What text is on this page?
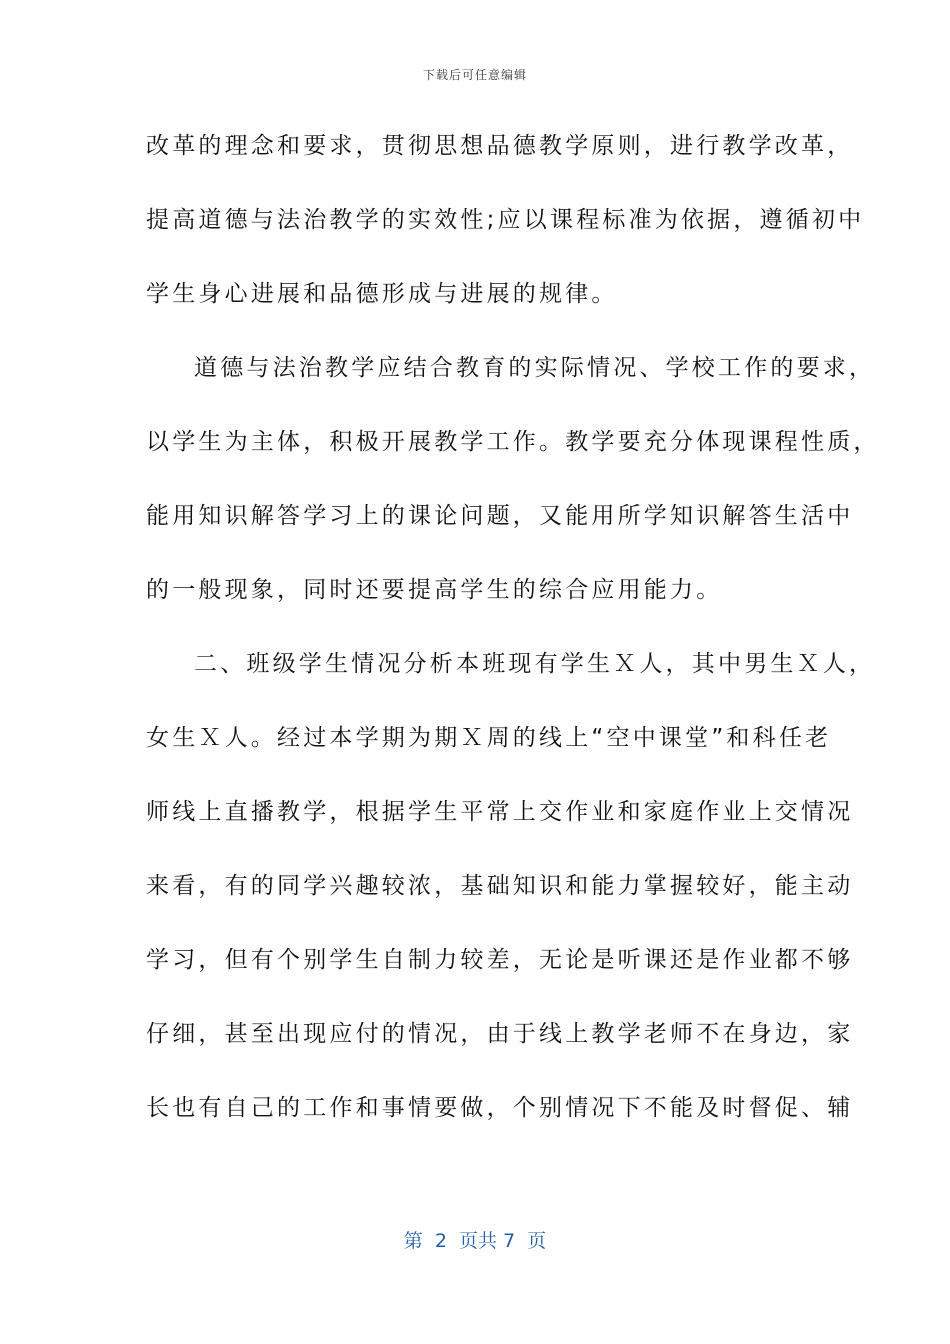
下载后可任意编辑
改革的理念和要求，贯彻思想品德教学原则，进行教学改革，
提高道德与法治教学的实效性;应以课程标准为依据，遵循初中
学生身心进展和品德形成与进展的规律。
道德与法治教学应结合教育的实际情况、学校工作的要求，
以学生为主体，积极开展教学工作。教学要充分体现课程性质，
能用知识解答学习上的课论问题，又能用所学知识解答生活中
的一般现象，同时还要提高学生的综合应用能力。
二、班级学生情况分析本班现有学生Ｘ人，其中男生Ｘ人，
女生Ｘ人。经过本学期为期Ｘ周的线上“空中课堂”和科任老
师线上直播教学，根据学生平常上交作业和家庭作业上交情况
来看，有的同学兴趣较浓，基础知识和能力掌握较好，能主动
学习，但有个别学生自制力较差，无论是听课还是作业都不够
仔细，甚至出现应付的情况，由于线上教学老师不在身边，家
长也有自己的工作和事情要做，个别情况下不能及时督促、辅
第  2  页共 7  页
